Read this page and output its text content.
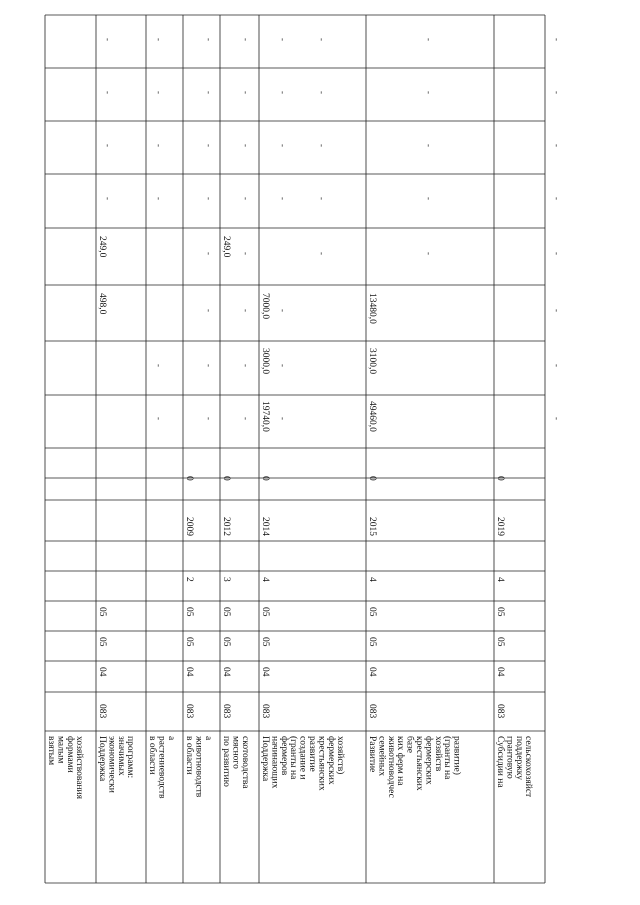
взятым малым формами хозяйствования
-
-
-
-
Поддержка экономически значимых программ:
083
04
05
05
-
-
498,0
249,0
-
-
-
-
в области растениеводств а
-
-
-
-
-
-
-
-
в области животноводств а
083
04
05
05
2
2009
0
-
-
-
-
-
-
-
-
по развитию мясного скотоводства
083
04
05
05
3
2012
0
-
-
-
249,0
-
-
-
-
Поддержка начинающих фермеров (гранты на создание и развитие крестьянских фермерских хозяйств)
083
04
05
05
4
2014
0
19740,0
3000,0
7000,0
-
-
-
-
-
Развитие семейных животноводчес ких ферм на базе крестьянских фермерских хозяйств (гранты на развитие)
083
04
05
05
4
2015
0
49460,0
3100,0
13480,0
-
-
-
-
-
Субсидии на грантовую поддержку сельскохозяйст
083
04
05
05
4
2019
0
-
-
-
-
-
-
-
-
